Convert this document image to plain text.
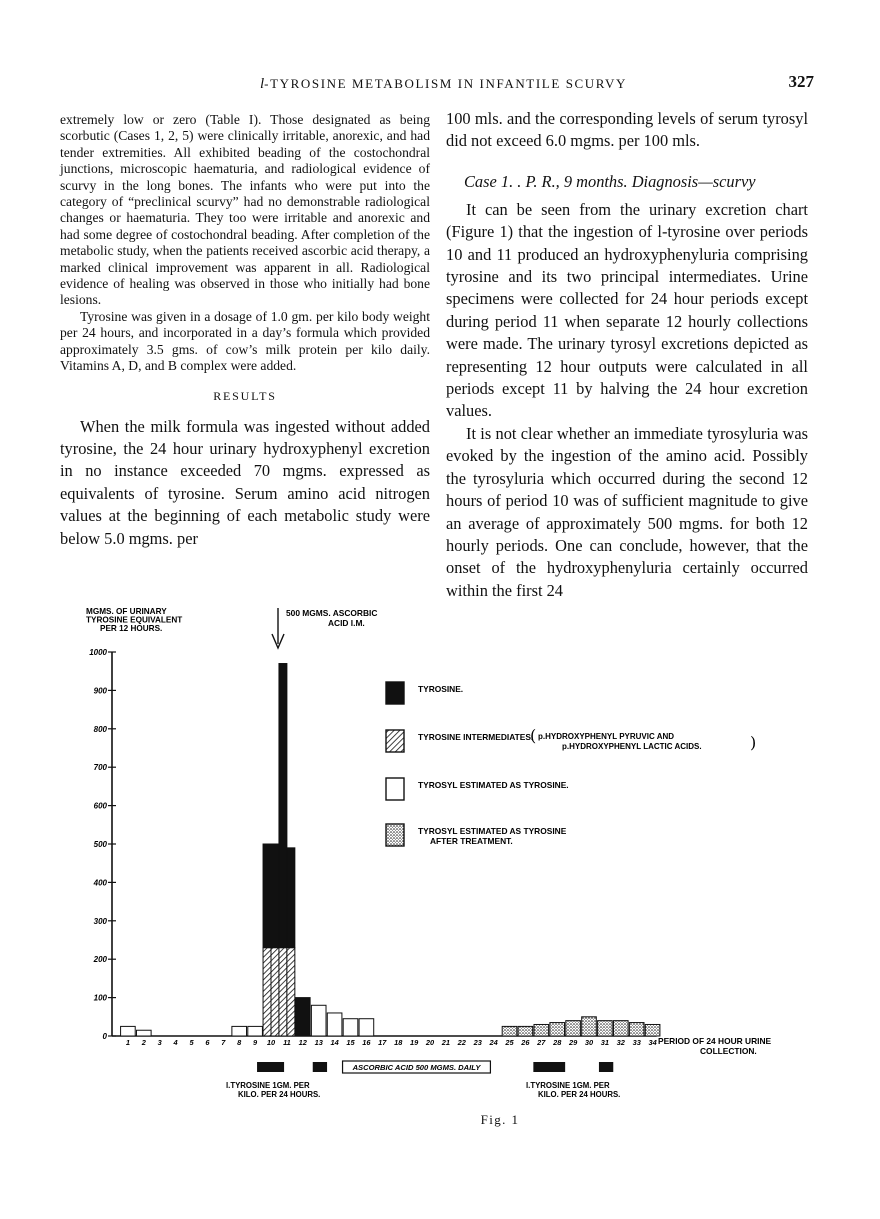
l-TYROSINE METABOLISM IN INFANTILE SCURVY	327

extremely low or zero (Table I). Those designated as being scorbutic (Cases 1, 2, 5) were clinically irritable, anorexic, and had tender extremities. All exhibited beading of the costochondral junctions, microscopic haematuria, and radiological evidence of scurvy in the long bones. The infants who were put into the category of “preclinical scurvy” had no demonstrable radiological changes or haematuria. They too were irritable and anorexic and had some degree of costochondral beading. After completion of the metabolic study, when the patients received ascorbic acid therapy, a marked clinical improvement was apparent in all. Radiological evidence of healing was observed in those who initially had bone lesions.

Tyrosine was given in a dosage of 1.0 gm. per kilo body weight per 24 hours, and incorporated in a day’s formula which provided approximately 3.5 gms. of cow’s milk protein per kilo daily. Vitamins A, D, and B complex were added.

RESULTS

When the milk formula was ingested without added tyrosine, the 24 hour urinary hydroxyphenyl excretion in no instance exceeded 70 mgms. expressed as equivalents of tyrosine. Serum amino acid nitrogen values at the beginning of each metabolic study were below 5.0 mgms. per

100 mls. and the corresponding levels of serum tyrosyl did not exceed 6.0 mgms. per 100 mls.

Case 1. . P. R., 9 months. Diagnosis—scurvy

It can be seen from the urinary excretion chart (Figure 1) that the ingestion of l-tyrosine over periods 10 and 11 produced an hydroxyphenyluria comprising tyrosine and its two principal intermediates. Urine specimens were collected for 24 hour periods except during period 11 when separate 12 hourly collections were made. The urinary tyrosyl excretions depicted as representing 12 hour outputs were calculated in all periods except 11 by halving the 24 hour excretion values.

It is not clear whether an immediate tyrosyluria was evoked by the ingestion of the amino acid. Possibly the tyrosyluria which occurred during the second 12 hours of period 10 was of sufficient magnitude to give an average of approximately 500 mgms. for both 12 hourly periods. One can conclude, however, that the onset of the hydroxyphenyluria certainly occurred within the first 24

0
100
200
300
400
500
600
700
800
900
1000
1 2 3 4 5 6 7 8 9 10 11 12 13 14 15 16 17 18 19 20 21 22 23 24 25 26 27 28 29 30 31 32 33 34
TYROSINE.
TYROSINE INTERMEDIATES.
( p.HYDROXYPHENYL PYRUVIC AND
p.HYDROXYPHENYL LACTIC ACIDS.	)
TYROSYL ESTIMATED AS TYROSINE.
TYROSYL ESTIMATED AS TYROSINE
AFTER TREATMENT.
MGMS. OF URINARY
TYROSINE EQUIVALENT
PER 12 HOURS.
PERIOD OF 24 HOUR URINE
COLLECTION.
500 MGMS. ASCORBIC
ACID I.M.
ASCORBIC ACID 500 MGMS. DAILY
l.TYROSINE 1GM. PER
KILO. PER 24 HOURS.
l.TYROSINE 1GM. PER
KILO. PER 24 HOURS.
Fig. 1
